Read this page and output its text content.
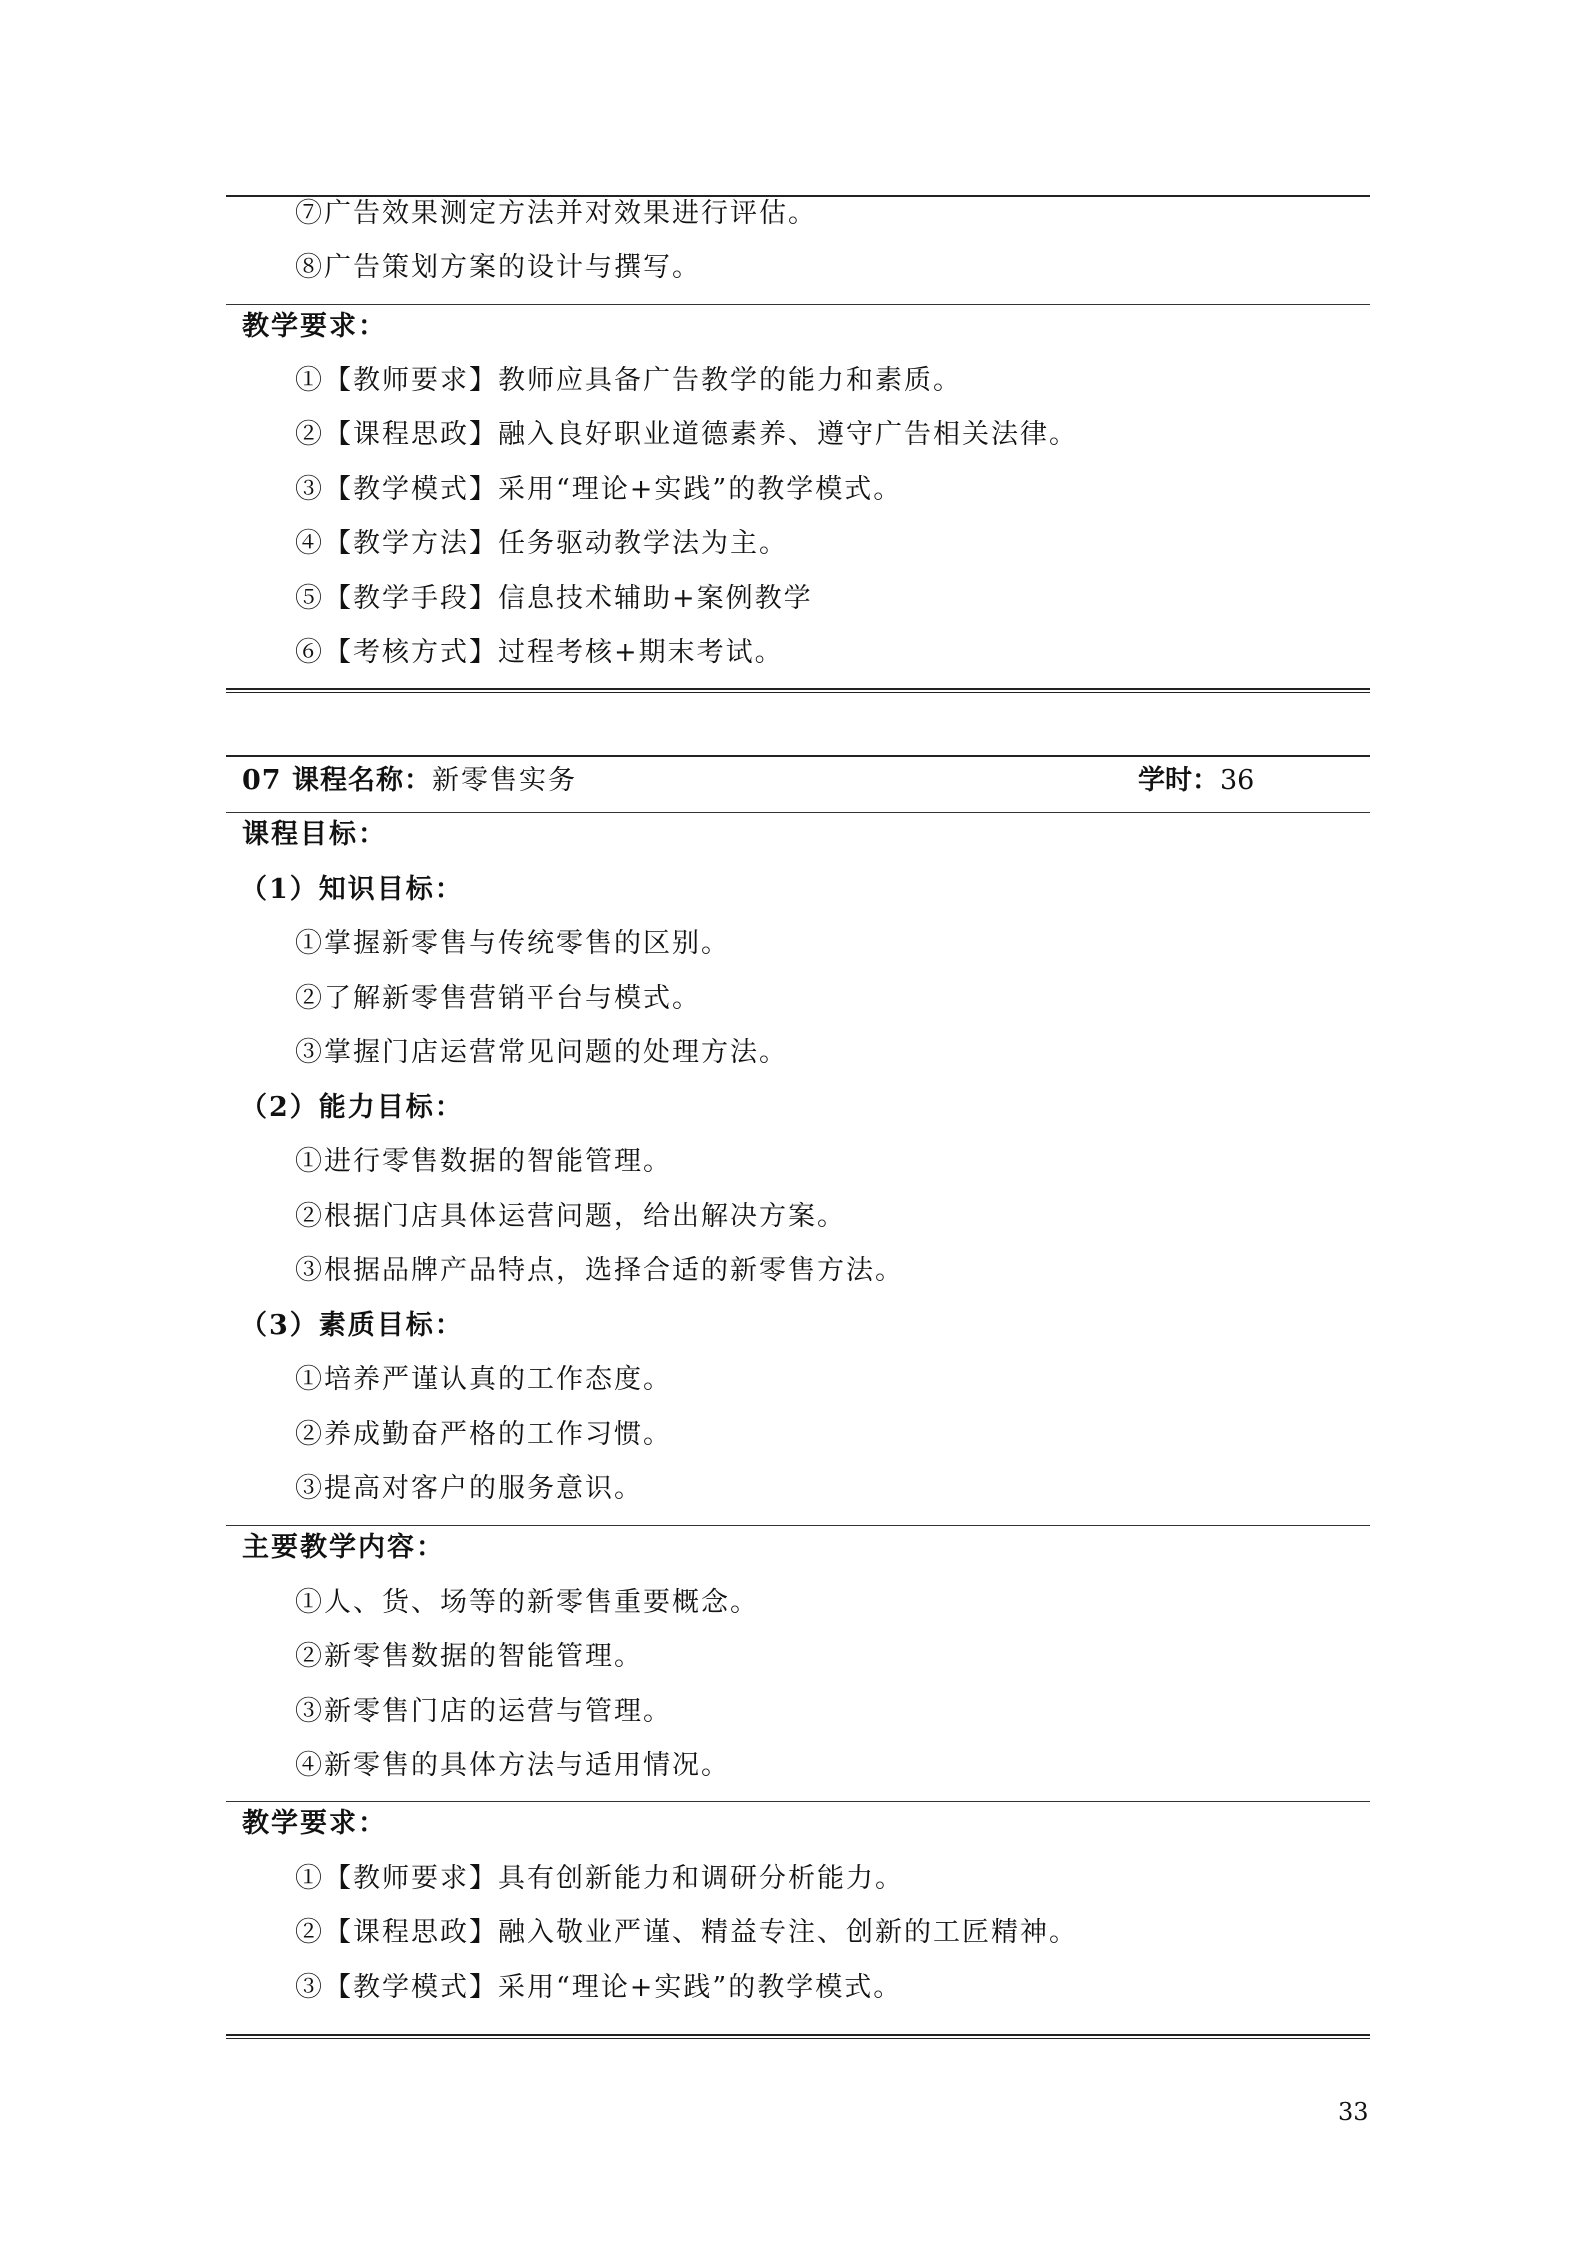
⑦广告效果测定方法并对效果进行评估。
⑧广告策划方案的设计与撰写。
教学要求：
①【教师要求】教师应具备广告教学的能力和素质。
②【课程思政】融入良好职业道德素养、遵守广告相关法律。
③【教学模式】采用“理论+实践”的教学模式。
④【教学方法】任务驱动教学法为主。
⑤【教学手段】信息技术辅助+案例教学
⑥【考核方式】过程考核+期末考试。
07 课程名称： 新零售实务	学时： 36
课程目标：
（1）知识目标：
①掌握新零售与传统零售的区别。
②了解新零售营销平台与模式。
③掌握门店运营常见问题的处理方法。
（2）能力目标：
①进行零售数据的智能管理。
②根据门店具体运营问题，给出解决方案。
③根据品牌产品特点，选择合适的新零售方法。
（3）素质目标：
①培养严谨认真的工作态度。
②养成勤奋严格的工作习惯。
③提高对客户的服务意识。
主要教学内容：
①人、货、场等的新零售重要概念。
②新零售数据的智能管理。
③新零售门店的运营与管理。
④新零售的具体方法与适用情况。
教学要求：
①【教师要求】具有创新能力和调研分析能力。
②【课程思政】融入敬业严谨、精益专注、创新的工匠精神。
③【教学模式】采用“理论+实践”的教学模式。
33
